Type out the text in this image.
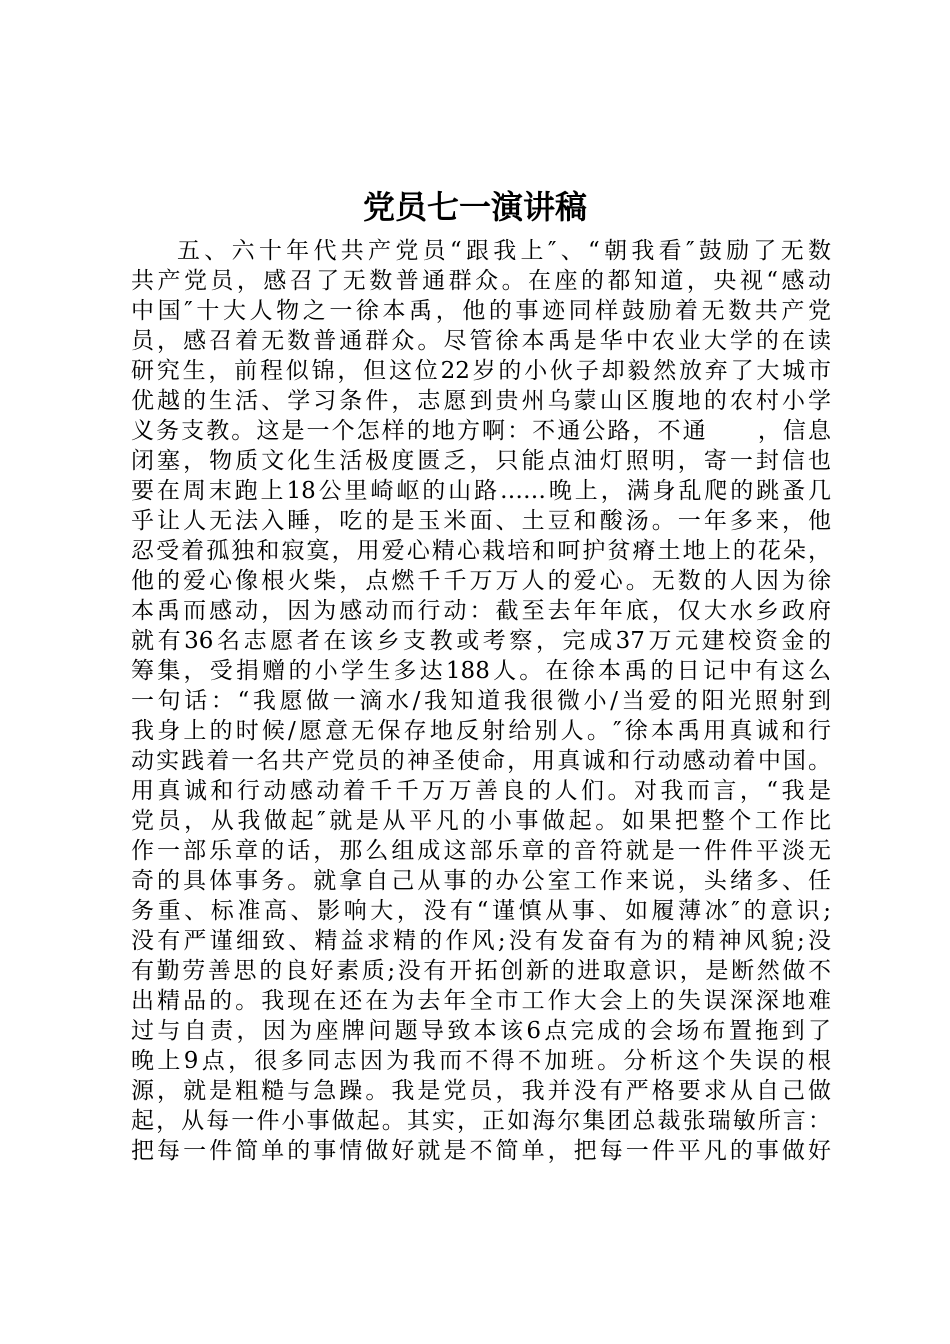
党员七一演讲稿
五、六十年代共产党员“跟我上″、“朝我看″鼓励了无数
共产党员，感召了无数普通群众。在座的都知道，央视“感动
中国″十大人物之一徐本禹，他的事迹同样鼓励着无数共产党
员，感召着无数普通群众。尽管徐本禹是华中农业大学的在读
研究生，前程似锦，但这位22岁的小伙子却毅然放弃了大城市
优越的生活、学习条件，志愿到贵州乌蒙山区腹地的农村小学
义务支教。这是一个怎样的地方啊：不通公路，不通　　，信息
闭塞，物质文化生活极度匮乏，只能点油灯照明，寄一封信也
要在周末跑上18公里崎岖的山路……晚上，满身乱爬的跳蚤几
乎让人无法入睡，吃的是玉米面、土豆和酸汤。一年多来，他
忍受着孤独和寂寞，用爱心精心栽培和呵护贫瘠土地上的花朵，
他的爱心像根火柴，点燃千千万万人的爱心。无数的人因为徐
本禹而感动，因为感动而行动：截至去年年底，仅大水乡政府
就有36名志愿者在该乡支教或考察，完成37万元建校资金的
筹集，受捐赠的小学生多达188人。在徐本禹的日记中有这么
一句话：“我愿做一滴水/我知道我很微小/当爱的阳光照射到
我身上的时候/愿意无保存地反射给别人。″徐本禹用真诚和行
动实践着一名共产党员的神圣使命，用真诚和行动感动着中国。
用真诚和行动感动着千千万万善良的人们。对我而言，“我是
党员，从我做起″就是从平凡的小事做起。如果把整个工作比
作一部乐章的话，那么组成这部乐章的音符就是一件件平淡无
奇的具体事务。就拿自己从事的办公室工作来说，头绪多、任
务重、标准高、影响大，没有“谨慎从事、如履薄冰″的意识;
没有严谨细致、精益求精的作风;没有发奋有为的精神风貌;没
有勤劳善思的良好素质;没有开拓创新的进取意识，是断然做不
出精品的。我现在还在为去年全市工作大会上的失误深深地难
过与自责，因为座牌问题导致本该6点完成的会场布置拖到了
晚上9点，很多同志因为我而不得不加班。分析这个失误的根
源，就是粗糙与急躁。我是党员，我并没有严格要求从自己做
起，从每一件小事做起。其实，正如海尔集团总裁张瑞敏所言：
把每一件简单的事情做好就是不简单，把每一件平凡的事做好
